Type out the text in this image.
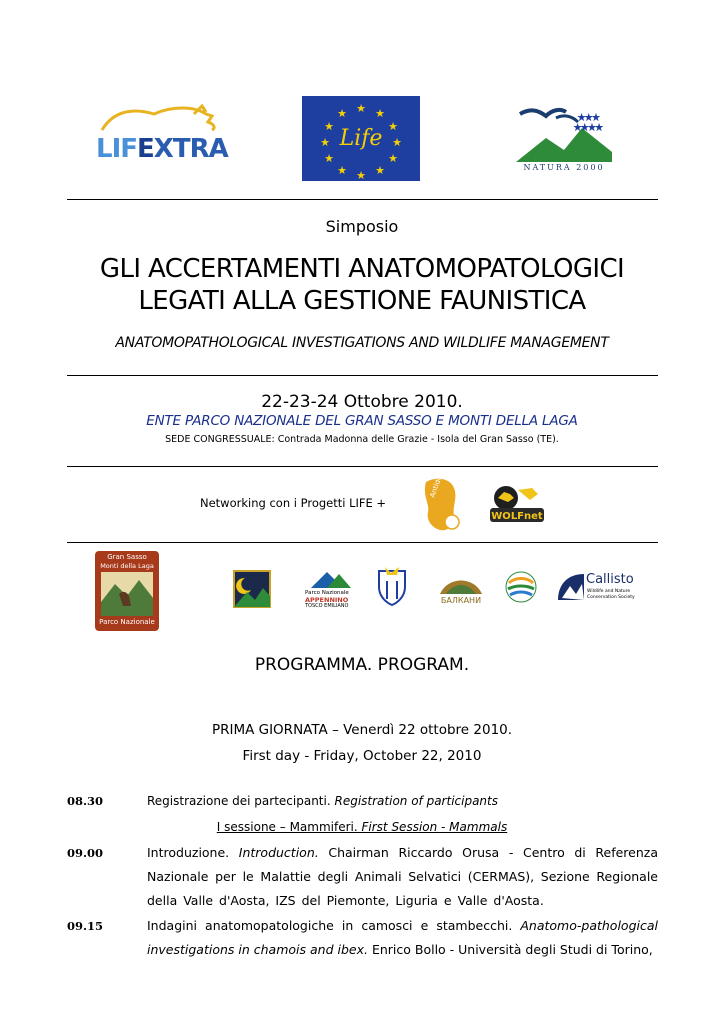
LIFEXTRA
★ ★
★
★
★
★
★
★
★
★
★
★
Life
★★★
★★★★
NATURA 2000
Simposio
GLI ACCERTAMENTI ANATOMOPATOLOGICI
LEGATI ALLA GESTIONE FAUNISTICA
ANATOMOPATHOLOGICAL INVESTIGATIONS AND WILDLIFE MANAGEMENT
22-23-24 Ottobre 2010.
ENTE PARCO NAZIONALE DEL GRAN SASSO E MONTI DELLA LAGA
SEDE CONGRESSUALE: Contrada Madonna delle Grazie - Isola del Gran Sasso (TE).
Networking con i Progetti LIFE +
Antidoto
WOLFnet
Gran Sasso
Monti della Laga
Parco Nazionale
Parco Nazionale
APPENNINO
TOSCO EMILIANO
БАЛКАНИ
Callisto
Wildlife and Nature
Conservation Society
PROGRAMMA. PROGRAM.
PRIMA GIORNATA – Venerdì 22 ottobre 2010.
First day - Friday, October 22, 2010
08.30	Registrazione dei partecipanti. Registration of participants
I sessione – Mammiferi. First Session - Mammals
09.00	Introduzione. Introduction. Chairman Riccardo Orusa - Centro di Referenza Nazionale per le Malattie degli Animali Selvatici (CERMAS), Sezione Regionale della Valle d'Aosta, IZS del Piemonte, Liguria e Valle d'Aosta.
09.15	Indagini anatomopatologiche in camosci e stambecchi. Anatomo-pathological investigations in chamois and ibex. Enrico Bollo - Università degli Studi di Torino,
